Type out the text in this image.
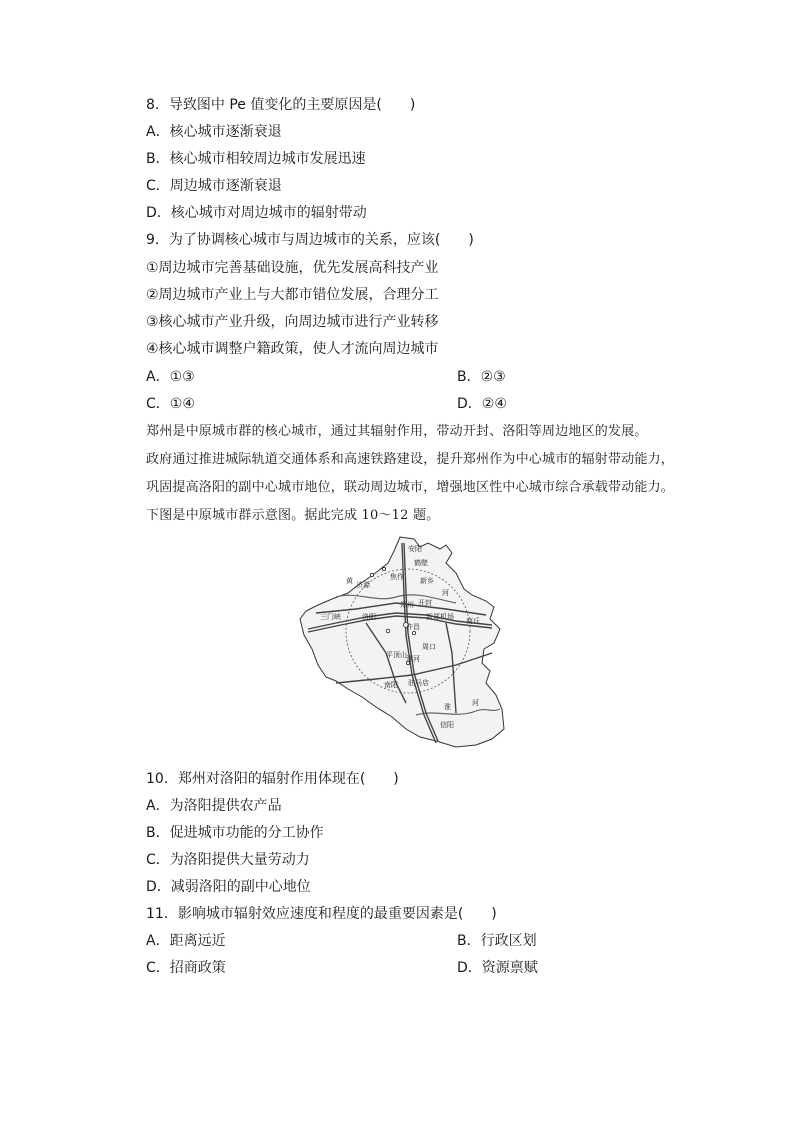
8．导致图中 Pe 值变化的主要原因是(　　)
A．核心城市逐渐衰退
B．核心城市相较周边城市发展迅速
C．周边城市逐渐衰退
D．核心城市对周边城市的辐射带动
9．为了协调核心城市与周边城市的关系，应该(　　)
①周边城市完善基础设施，优先发展高科技产业
②周边城市产业上与大都市错位发展，合理分工
③核心城市产业升级，向周边城市进行产业转移
④核心城市调整户籍政策，使人才流向周边城市
A．①③	B．②③
C．①④	D．②④
郑州是中原城市群的核心城市，通过其辐射作用，带动开封、洛阳等周边地区的发展。
政府通过推进城际轨道交通体系和高速铁路建设，提升郑州作为中心城市的辐射带动能力，
巩固提高洛阳的副中心城市地位，联动周边城市，增强地区性中心城市综合承载带动能力。
下图是中原城市群示意图。据此完成 10～12 题。
安阳
鹤壁
焦作 新乡
济源
河
黄
三门峡	洛阳
郑州 开封
新郑机场 商丘
许昌
平顶山 漯河
周口
南阳 驻马店
淮	河
信阳
10．郑州对洛阳的辐射作用体现在(　　)
A．为洛阳提供农产品
B．促进城市功能的分工协作
C．为洛阳提供大量劳动力
D．减弱洛阳的副中心地位
11．影响城市辐射效应速度和程度的最重要因素是(　　)
A．距离远近	B．行政区划
C．招商政策	D．资源禀赋
